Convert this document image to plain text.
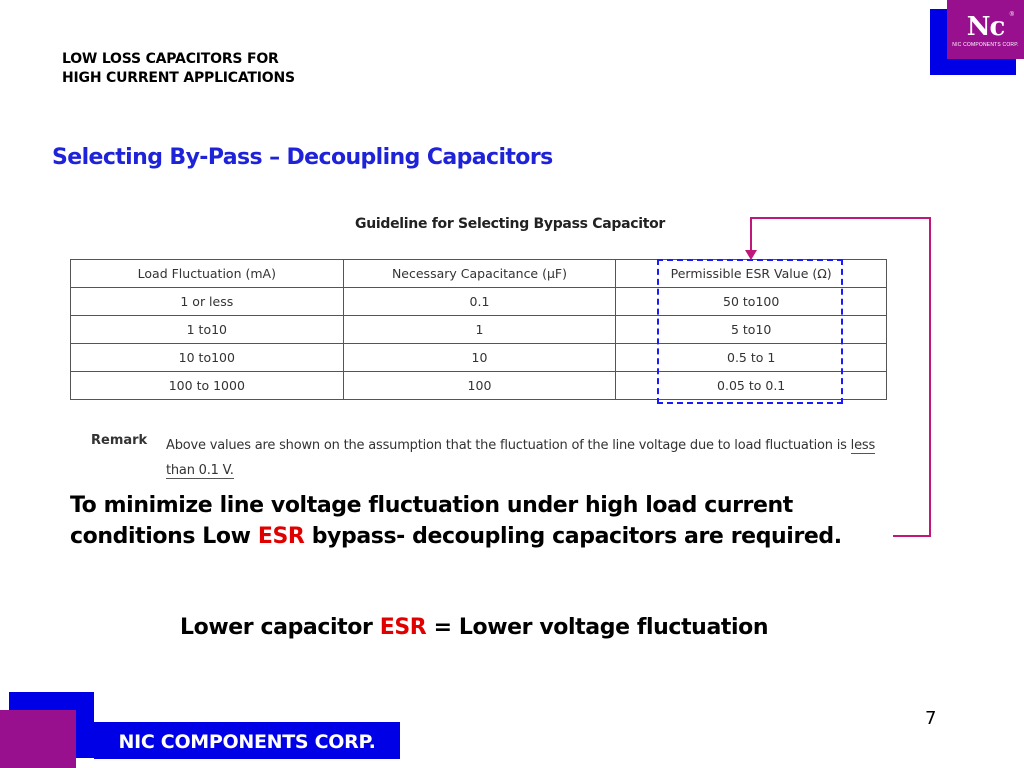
LOW LOSS CAPACITORS FOR
HIGH CURRENT APPLICATIONS
Nc ®
NIC COMPONENTS CORP.
Selecting By-Pass – Decoupling Capacitors
Guideline for Selecting Bypass Capacitor
Load Fluctuation (mA)	Necessary Capacitance (μF)	Permissible ESR Value (Ω)
1 or less	0.1	50 to100
1 to10	1	5 to10
10 to100	10	0.5 to 1
100 to 1000	100	0.05 to 0.1
Remark Above values are shown on the assumption that the fluctuation of the line voltage due to load fluctuation is less than 0.1 V.
To minimize line voltage fluctuation under high load current
conditions Low ESR bypass- decoupling capacitors are required.
Lower capacitor ESR = Lower voltage fluctuation
7
NIC COMPONENTS CORP.
